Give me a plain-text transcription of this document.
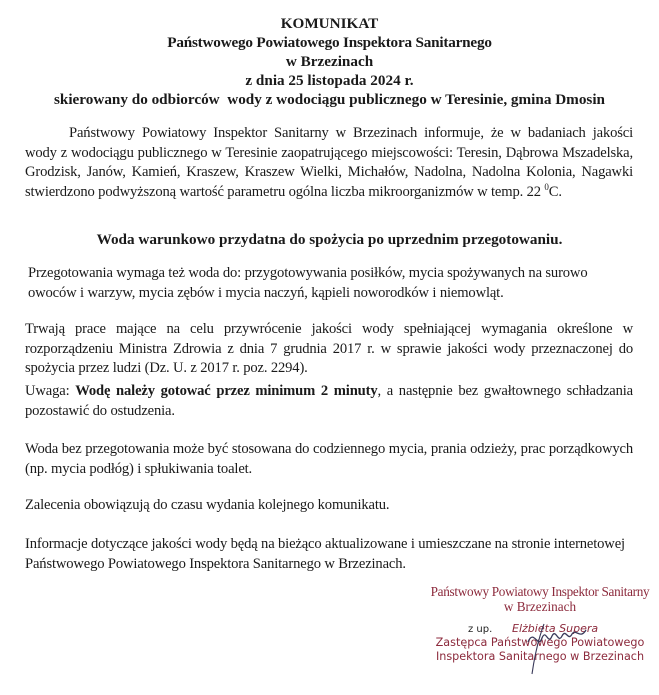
KOMUNIKAT
Państwowego Powiatowego Inspektora Sanitarnego
w Brzezinach
z dnia 25 listopada 2024 r.
skierowany do odbiorców  wody z wodociągu publicznego w Teresinie, gmina Dmosin
Państwowy Powiatowy Inspektor Sanitarny w Brzezinach informuje, że w badaniach jakości wody z wodociągu publicznego w Teresinie zaopatrującego miejscowości: Teresin, Dąbrowa Mszadelska, Grodzisk, Janów, Kamień, Kraszew, Kraszew Wielki, Michałów, Nadolna, Nadolna Kolonia, Nagawki stwierdzono podwyższoną wartość parametru ogólna liczba mikroorganizmów w temp. 22 $^0$C.
Woda warunkowo przydatna do spożycia po uprzednim przegotowaniu.
Przegotowania wymaga też woda do: przygotowywania posiłków, mycia spożywanych na surowo owoców i warzyw, mycia zębów i mycia naczyń, kąpieli noworodków i niemowląt.
Trwają prace mające na celu przywrócenie jakości wody spełniającej wymagania określone w rozporządzeniu Ministra Zdrowia z dnia 7 grudnia 2017 r. w sprawie jakości wody przeznaczonej do spożycia przez ludzi (Dz. U. z 2017 r. poz. 2294).
Uwaga: Wodę należy gotować przez minimum 2 minuty, a następnie bez gwałtownego schładzania pozostawić do ostudzenia.
Woda bez przegotowania może być stosowana do codziennego mycia, prania odzieży, prac porządkowych (np. mycia podłóg) i spłukiwania toalet.
Zalecenia obowiązują do czasu wydania kolejnego komunikatu.
Informacje dotyczące jakości wody będą na bieżąco aktualizowane i umieszczane na stronie internetowej Państwowego Powiatowego Inspektora Sanitarnego w Brzezinach.
Państwowy Powiatowy Inspektor Sanitarny
w Brzezinach
z up. Elżbieta Supera
Zastępca Państwowego Powiatowego
Inspektora Sanitarnego w Brzezinach
